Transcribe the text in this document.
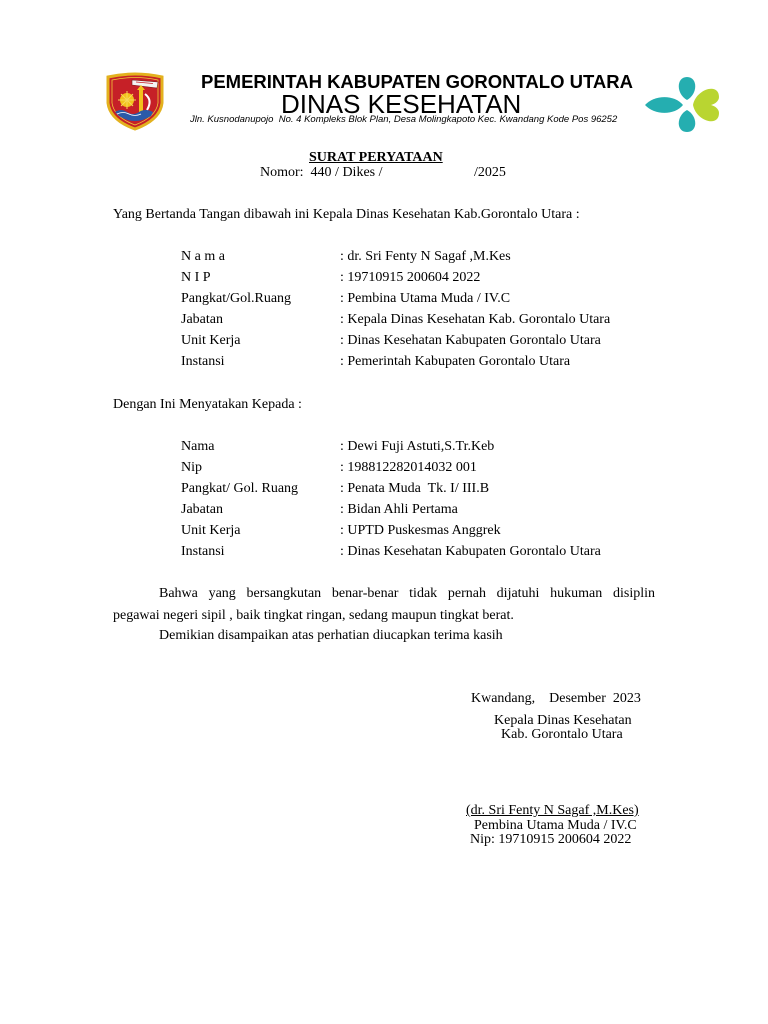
PEMERINTAH KABUPATEN GORONTALO UTARA
DINAS KESEHATAN
Jln. Kusnodanupojo  No. 4 Kompleks Blok Plan, Desa Molingkapoto Kec. Kwandang Kode Pos 96252
SURAT PERYATAAN
Nomor:  440 / Dikes /	/2025
Yang Bertanda Tangan dibawah ini Kepala Dinas Kesehatan Kab.Gorontalo Utara :
N a m a	: dr. Sri Fenty N Sagaf ,M.Kes
N I P	: 19710915 200604 2022
Pangkat/Gol.Ruang	: Pembina Utama Muda / IV.C
Jabatan	: Kepala Dinas Kesehatan Kab. Gorontalo Utara
Unit Kerja	: Dinas Kesehatan Kabupaten Gorontalo Utara
Instansi	: Pemerintah Kabupaten Gorontalo Utara
Dengan Ini Menyatakan Kepada :
Nama	: Dewi Fuji Astuti,S.Tr.Keb
Nip	: 198812282014032 001
Pangkat/ Gol. Ruang	: Penata Muda  Tk. I/ III.B
Jabatan	: Bidan Ahli Pertama
Unit Kerja	: UPTD Puskesmas Anggrek
Instansi	: Dinas Kesehatan Kabupaten Gorontalo Utara
Bahwa yang bersangkutan benar-benar tidak pernah dijatuhi hukuman disiplin
pegawai negeri sipil , baik tingkat ringan, sedang maupun tingkat berat.
Demikian disampaikan atas perhatian diucapkan terima kasih
Kwandang,    Desember  2023
Kepala Dinas Kesehatan
Kab. Gorontalo Utara
(dr. Sri Fenty N Sagaf ,M.Kes)
Pembina Utama Muda / IV.C
Nip: 19710915 200604 2022
